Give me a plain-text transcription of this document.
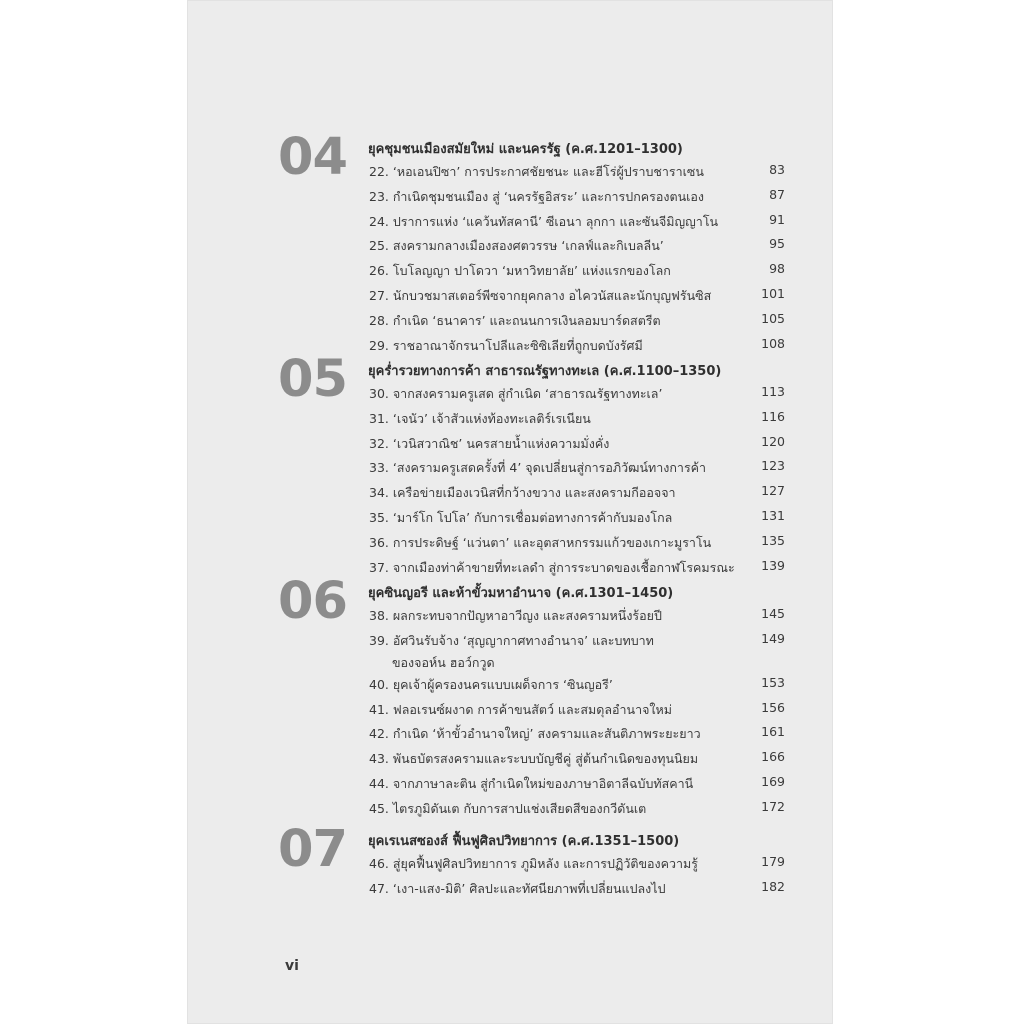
04 ยุคชุมชนเมืองสมัยใหม่ และนครรัฐ (ค.ศ.1201–1300)
22. ‘หอเอนปิซา’ การประกาศชัยชนะ และฮีโร่ผู้ปราบชาราเซน	83
23. กำเนิดชุมชนเมือง สู่ ‘นครรัฐอิสระ’ และการปกครองตนเอง	87
24. ปราการแห่ง ‘แคว้นทัสคานี’ ซีเอนา ลุกกา และซันจีมิญญาโน	91
25. สงครามกลางเมืองสองศตวรรษ ‘เกลฟ์และกิเบลลีน’	95
26. โบโลญญา ปาโดวา ‘มหาวิทยาลัย’ แห่งแรกของโลก	98
27. นักบวชมาสเตอร์พีซจากยุคกลาง อไควนัสและนักบุญฟรันซิส	101
28. กำเนิด ‘ธนาคาร’ และถนนการเงินลอมบาร์ดสตรีต	105
29. ราชอาณาจักรนาโปลีและซิซิเลียที่ถูกบดบังรัศมี	108
05 ยุคร่ำรวยทางการค้า สาธารณรัฐทางทะเล (ค.ศ.1100–1350)
30. จากสงครามครูเสด สู่กำเนิด ‘สาธารณรัฐทางทะเล’	113
31. ‘เจนัว’ เจ้าสัวแห่งท้องทะเลติร์เรเนียน	116
32. ‘เวนิสวาณิช’ นครสายน้ำแห่งความมั่งคั่ง	120
33. ‘สงครามครูเสดครั้งที่ 4’ จุดเปลี่ยนสู่การอภิวัฒน์ทางการค้า	123
34. เครือข่ายเมืองเวนิสที่กว้างขวาง และสงครามกีออจจา	127
35. ‘มาร์โก โปโล’ กับการเชื่อมต่อทางการค้ากับมองโกล	131
36. การประดิษฐ์ ‘แว่นตา’ และอุตสาหกรรมแก้วของเกาะมูราโน	135
37. จากเมืองท่าค้าขายที่ทะเลดำ สู่การระบาดของเชื้อกาฬโรคมรณะ	139
06 ยุคซินญอรี และห้าขั้วมหาอำนาจ (ค.ศ.1301–1450)
38. ผลกระทบจากปัญหาอาวีญง และสงครามหนึ่งร้อยปี	145
39. อัศวินรับจ้าง ‘สุญญากาศทางอำนาจ’ และบทบาท
ของจอห์น ฮอว์กวูด
149
40. ยุคเจ้าผู้ครองนครแบบเผด็จการ ‘ซินญอรี’	153
41. ฟลอเรนซ์ผงาด การค้าขนสัตว์ และสมดุลอำนาจใหม่	156
42. กำเนิด ‘ห้าขั้วอำนาจใหญ่’ สงครามและสันติภาพระยะยาว	161
43. พันธบัตรสงครามและระบบบัญชีคู่ สู่ต้นกำเนิดของทุนนิยม	166
44. จากภาษาละติน สู่กำเนิดใหม่ของภาษาอิตาลีฉบับทัสคานี	169
45. ไตรภูมิดันเต กับการสาปแช่งเสียดสีของกวีดันเต	172
07 ยุคเรเนสซองส์ ฟื้นฟูศิลปวิทยาการ (ค.ศ.1351–1500)
46. สู่ยุคฟื้นฟูศิลปวิทยาการ ภูมิหลัง และการปฏิวัติของความรู้	179
47. ‘เงา-แสง-มิติ’ ศิลปะและทัศนียภาพที่เปลี่ยนแปลงไป	182
vi
